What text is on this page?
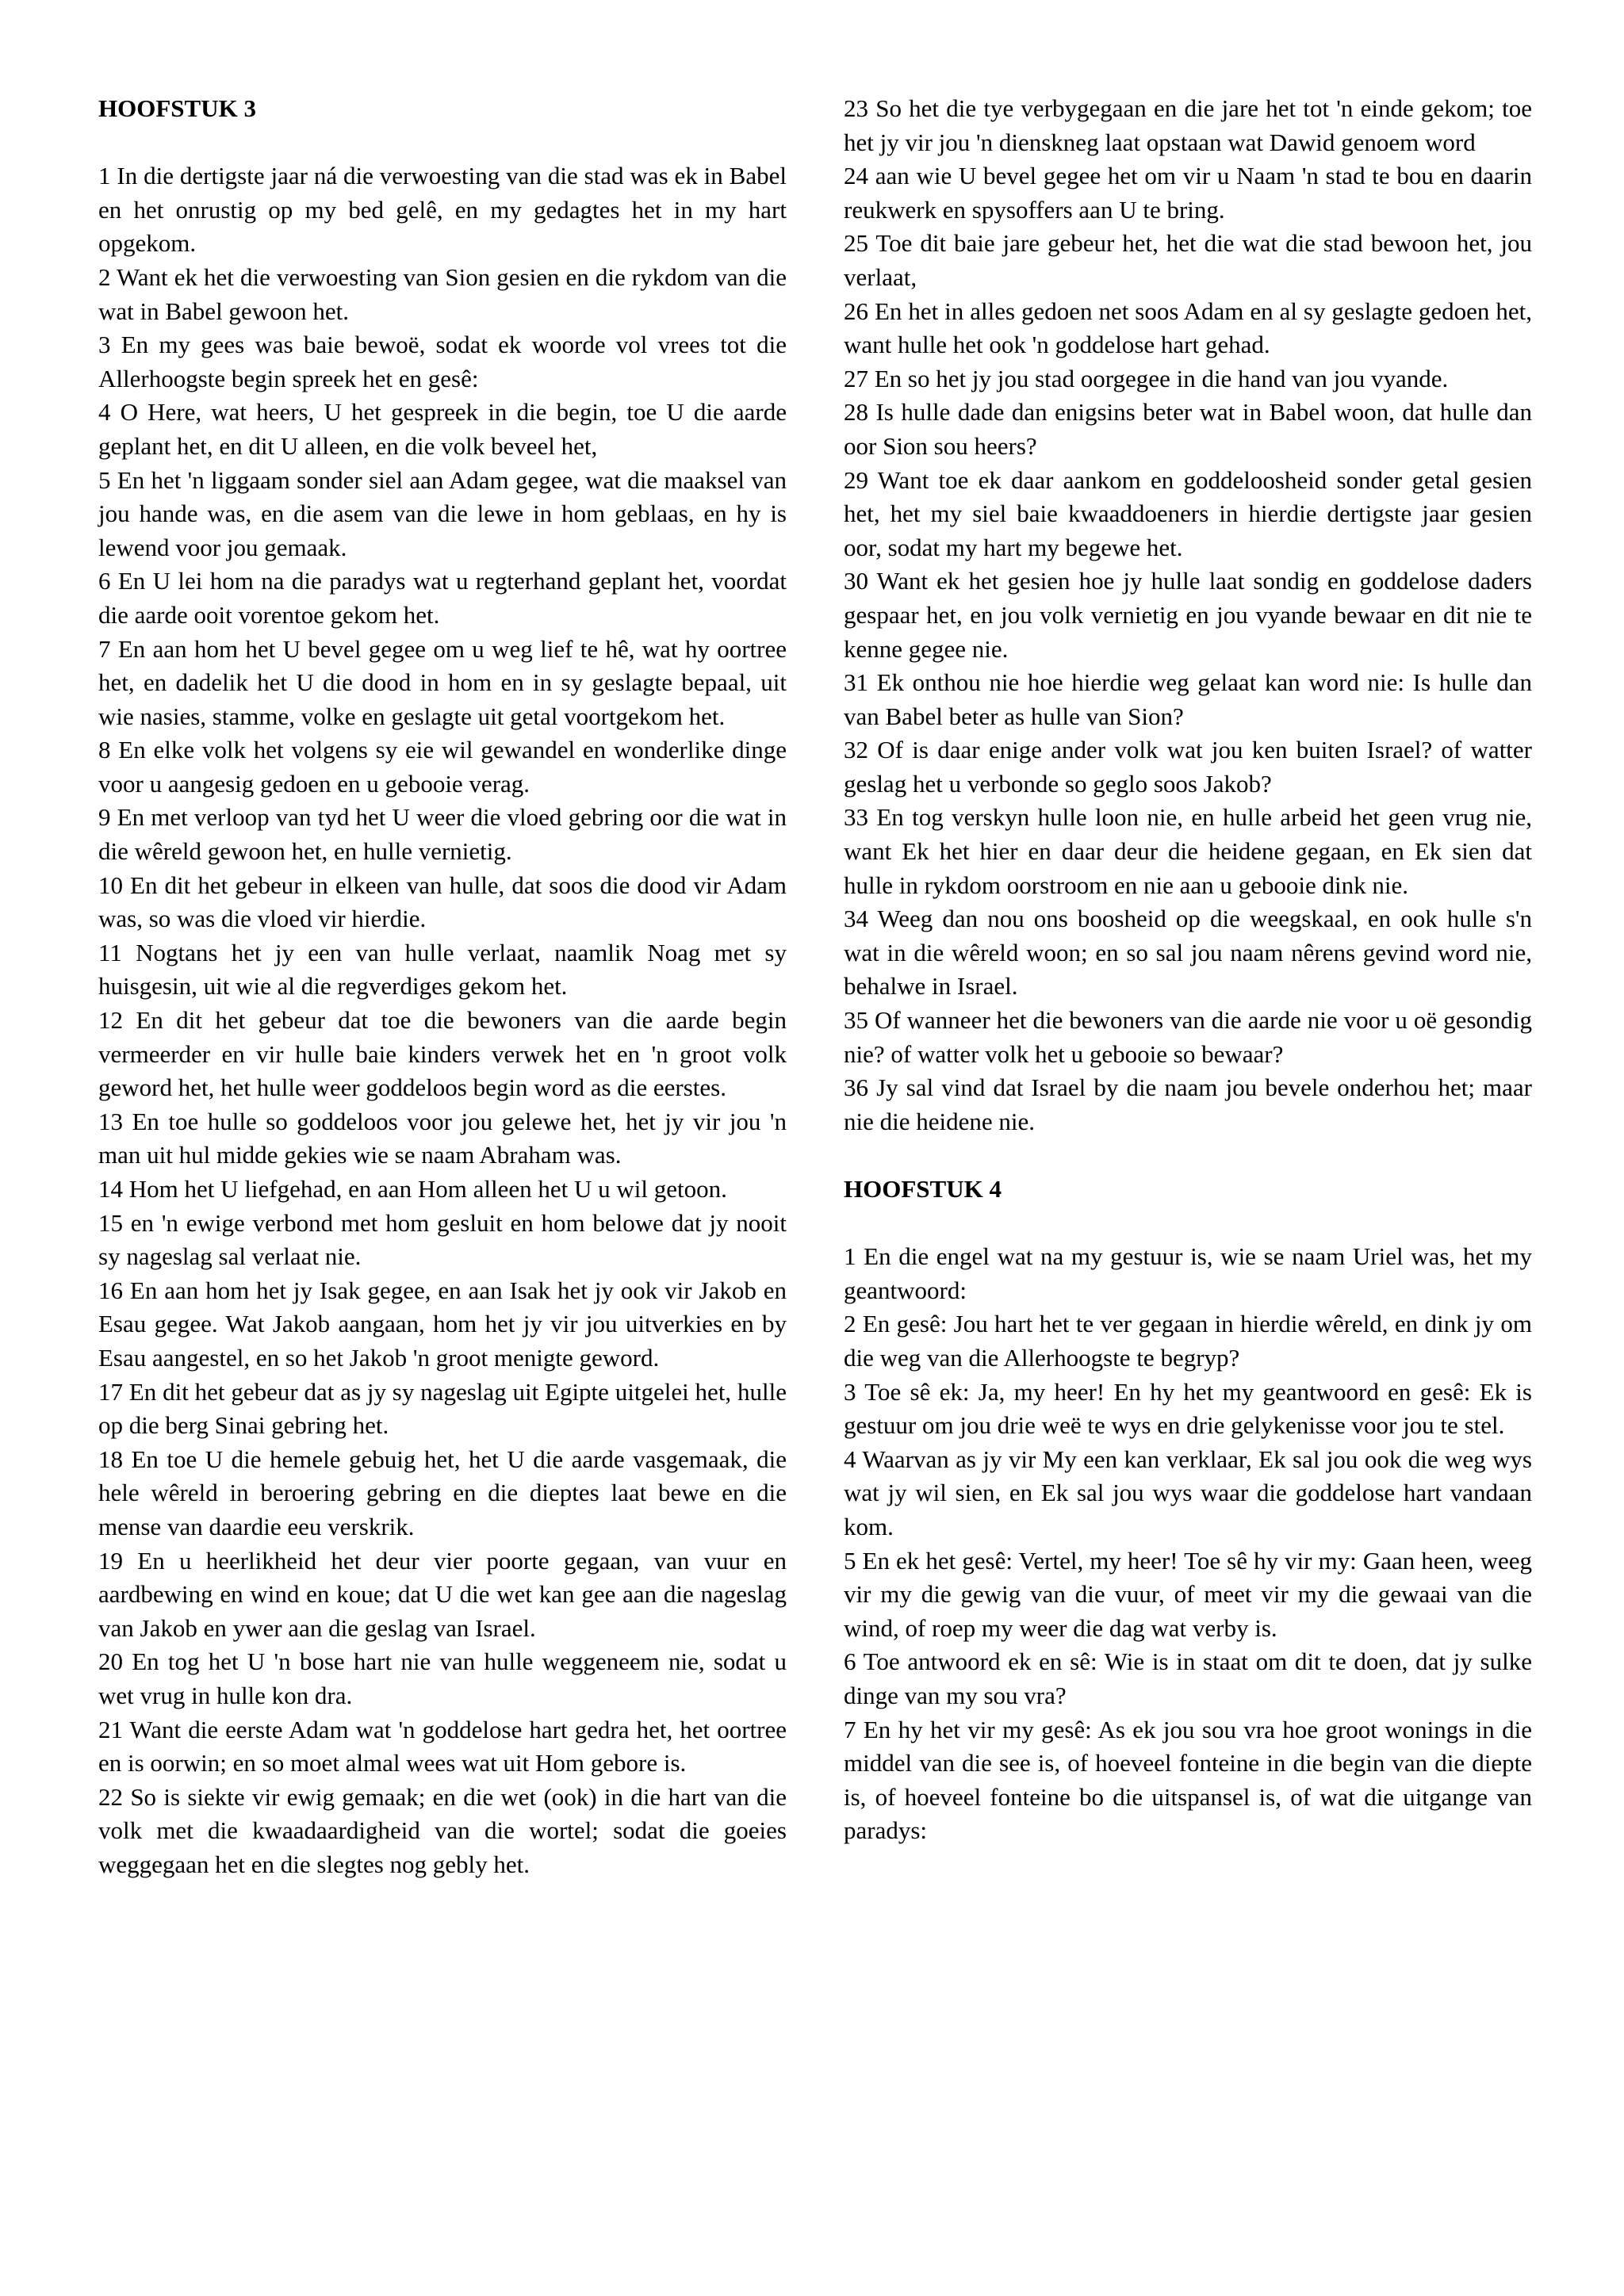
HOOFSTUK 3

1 In die dertigste jaar ná die verwoesting van die stad was ek in Babel en het onrustig op my bed gelê, en my gedagtes het in my hart opgekom.

2 Want ek het die verwoesting van Sion gesien en die rykdom van die wat in Babel gewoon het.

3 En my gees was baie bewoë, sodat ek woorde vol vrees tot die Allerhoogste begin spreek het en gesê:

4 O Here, wat heers, U het gespreek in die begin, toe U die aarde geplant het, en dit U alleen, en die volk beveel het,

5 En het 'n liggaam sonder siel aan Adam gegee, wat die maaksel van jou hande was, en die asem van die lewe in hom geblaas, en hy is lewend voor jou gemaak.

6 En U lei hom na die paradys wat u regterhand geplant het, voordat die aarde ooit vorentoe gekom het.

7 En aan hom het U bevel gegee om u weg lief te hê, wat hy oortree het, en dadelik het U die dood in hom en in sy geslagte bepaal, uit wie nasies, stamme, volke en geslagte uit getal voortgekom het.

8 En elke volk het volgens sy eie wil gewandel en wonderlike dinge voor u aangesig gedoen en u gebooie verag.

9 En met verloop van tyd het U weer die vloed gebring oor die wat in die wêreld gewoon het, en hulle vernietig.

10 En dit het gebeur in elkeen van hulle, dat soos die dood vir Adam was, so was die vloed vir hierdie.

11 Nogtans het jy een van hulle verlaat, naamlik Noag met sy huisgesin, uit wie al die regverdiges gekom het.

12 En dit het gebeur dat toe die bewoners van die aarde begin vermeerder en vir hulle baie kinders verwek het en 'n groot volk geword het, het hulle weer goddeloos begin word as die eerstes.

13 En toe hulle so goddeloos voor jou gelewe het, het jy vir jou 'n man uit hul midde gekies wie se naam Abraham was.

14 Hom het U liefgehad, en aan Hom alleen het U u wil getoon.

15 en 'n ewige verbond met hom gesluit en hom belowe dat jy nooit sy nageslag sal verlaat nie.

16 En aan hom het jy Isak gegee, en aan Isak het jy ook vir Jakob en Esau gegee. Wat Jakob aangaan, hom het jy vir jou uitverkies en by Esau aangestel, en so het Jakob 'n groot menigte geword.

17 En dit het gebeur dat as jy sy nageslag uit Egipte uitgelei het, hulle op die berg Sinai gebring het.

18 En toe U die hemele gebuig het, het U die aarde vasgemaak, die hele wêreld in beroering gebring en die dieptes laat bewe en die mense van daardie eeu verskrik.

19 En u heerlikheid het deur vier poorte gegaan, van vuur en aardbewing en wind en koue; dat U die wet kan gee aan die nageslag van Jakob en ywer aan die geslag van Israel.

20 En tog het U 'n bose hart nie van hulle weggeneem nie, sodat u wet vrug in hulle kon dra.

21 Want die eerste Adam wat 'n goddelose hart gedra het, het oortree en is oorwin; en so moet almal wees wat uit Hom gebore is.

22 So is siekte vir ewig gemaak; en die wet (ook) in die hart van die volk met die kwaadaardigheid van die wortel; sodat die goeies weggegaan het en die slegtes nog gebly het.

23 So het die tye verbygegaan en die jare het tot 'n einde gekom; toe het jy vir jou 'n dienskneg laat opstaan wat Dawid genoem word

24 aan wie U bevel gegee het om vir u Naam 'n stad te bou en daarin reukwerk en spysoffers aan U te bring.

25 Toe dit baie jare gebeur het, het die wat die stad bewoon het, jou verlaat,

26 En het in alles gedoen net soos Adam en al sy geslagte gedoen het, want hulle het ook 'n goddelose hart gehad.

27 En so het jy jou stad oorgegee in die hand van jou vyande.

28 Is hulle dade dan enigsins beter wat in Babel woon, dat hulle dan oor Sion sou heers?

29 Want toe ek daar aankom en goddeloosheid sonder getal gesien het, het my siel baie kwaaddoeners in hierdie dertigste jaar gesien oor, sodat my hart my begewe het.

30 Want ek het gesien hoe jy hulle laat sondig en goddelose daders gespaar het, en jou volk vernietig en jou vyande bewaar en dit nie te kenne gegee nie.

31 Ek onthou nie hoe hierdie weg gelaat kan word nie: Is hulle dan van Babel beter as hulle van Sion?

32 Of is daar enige ander volk wat jou ken buiten Israel? of watter geslag het u verbonde so geglo soos Jakob?

33 En tog verskyn hulle loon nie, en hulle arbeid het geen vrug nie, want Ek het hier en daar deur die heidene gegaan, en Ek sien dat hulle in rykdom oorstroom en nie aan u gebooie dink nie.

34 Weeg dan nou ons boosheid op die weegskaal, en ook hulle s'n wat in die wêreld woon; en so sal jou naam nêrens gevind word nie, behalwe in Israel.

35 Of wanneer het die bewoners van die aarde nie voor u oë gesondig nie? of watter volk het u gebooie so bewaar?

36 Jy sal vind dat Israel by die naam jou bevele onderhou het; maar nie die heidene nie.

HOOFSTUK 4

1 En die engel wat na my gestuur is, wie se naam Uriel was, het my geantwoord:

2 En gesê: Jou hart het te ver gegaan in hierdie wêreld, en dink jy om die weg van die Allerhoogste te begryp?

3 Toe sê ek: Ja, my heer! En hy het my geantwoord en gesê: Ek is gestuur om jou drie weë te wys en drie gelykenisse voor jou te stel.

4 Waarvan as jy vir My een kan verklaar, Ek sal jou ook die weg wys wat jy wil sien, en Ek sal jou wys waar die goddelose hart vandaan kom.

5 En ek het gesê: Vertel, my heer! Toe sê hy vir my: Gaan heen, weeg vir my die gewig van die vuur, of meet vir my die gewaai van die wind, of roep my weer die dag wat verby is.

6 Toe antwoord ek en sê: Wie is in staat om dit te doen, dat jy sulke dinge van my sou vra?

7 En hy het vir my gesê: As ek jou sou vra hoe groot wonings in die middel van die see is, of hoeveel fonteine in die begin van die diepte is, of hoeveel fonteine bo die uitspansel is, of wat die uitgange van paradys:
